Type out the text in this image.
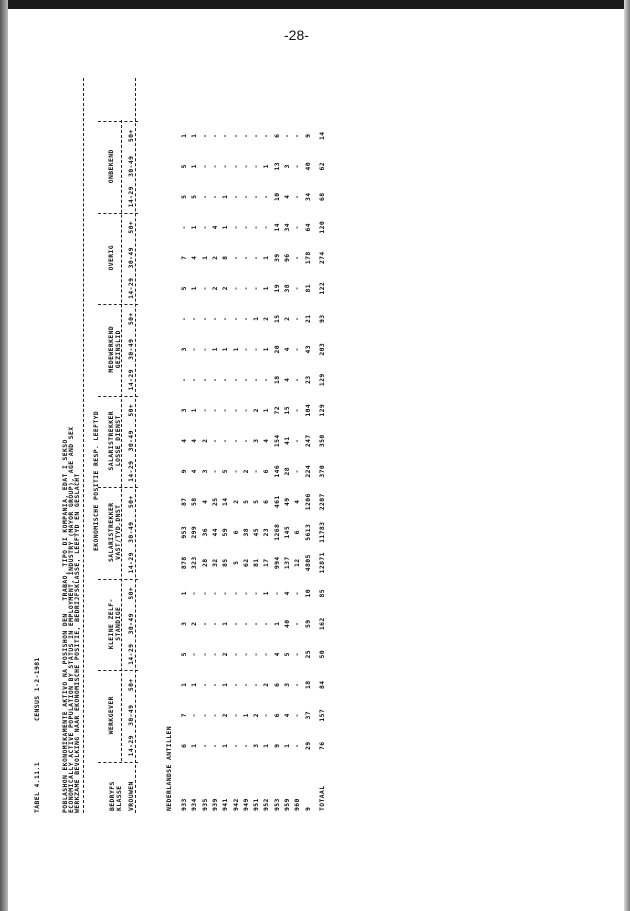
-28-
TABEL 4.11.1
CENSUS 1-2-1981	POBLASHON EKONOMIKAMENTE AKTIVO NA POSISHON DEN   TRABAO, TIPO DI KOMPANIA, EDAT I SEKSO
ECONOMICALLY ACTIVE POPULATION BY STATUS IN EMPLOYMENT, INDUSTRY (MAYOR GROUP), AGE AND SEX
WERKZAME BEVOLKING NAAR EKONOMISCHE POSITIE, BEDRIJFSKLASSE, LEEFTYD EN GESLACHT EKONOMISCHE POSITIE RESP. LEEFTYD
BEDRYFS KLASSE VROUWEN	NEDERLANDSE ANTILLEN
WERKGEVER
14-29
30-49
50+
KLEINE ZELF- STANDIGE
14-29
30-49
50+
SALARISTREKKER VAST/TYD.DNST
14-29
30-49
50+
SALARISTREKKER LOSSE DIENST
14-29
30-49
50+
MEDEWERKEND GEZINSLID
14-29
30-49
50+
OVERIG
14-29
30-49
50+
ONBEKEND
14-29
30-49
50+
933
6
7
1
5
3
1
878
953
87
9
4
3
-
3
-
5
7
-
5
5
1
934
1
-
1
-
2
-
323
299
58
4
4
1
-
-
-
1
4
1
5
1
1
935
-
-
-
-
-
-
28
36
4
3
2
-
-
-
-
-
1
-
-
-
-
939
-
-
-
-
-
-
32
44
25
-
-
-
-
1
-
2
2
4
-
-
-
941
1
2
1
2
1
-
85
59
14
5
-
-
-
1
-
2
8
1
1
-
-
942
-
-
-
-
-
-
5
6
2
-
-
-
-
1
-
-
-
-
-
-
-
949
-
1
-
-
-
-
62
38
5
2
-
-
-
-
-
-
-
-
-
-
-
951
3
2
-
-
-
-
81
45
5
-
3
2
-
-
1
-
-
-
-
-
-
952
1
-
2
-
-
1
17
23
6
6
4
1
-
1
2
1
1
-
-
1
-
953
9
6
6
4
1
-
994
1268
461
146
154
72
18
20
15
19
39
14
10
13
6
959
1
4
3
5
40
4
137
145
49
28
41
15
4
4
2
38
96
34
4
3
-
960
-
-
-
-
-
-
12
6
4
-
-
-
-
-
-
-
-
-
-
-
-
9
29
37
18
25
59
10
4805
5613
1206
224
247
104
23
43
21
81
178
64
34
40
9
TOTAAL
76
157
84
50
162
85
12871
11783
2207
370
350
129
129
203
93
122
274
120
68
62
14
